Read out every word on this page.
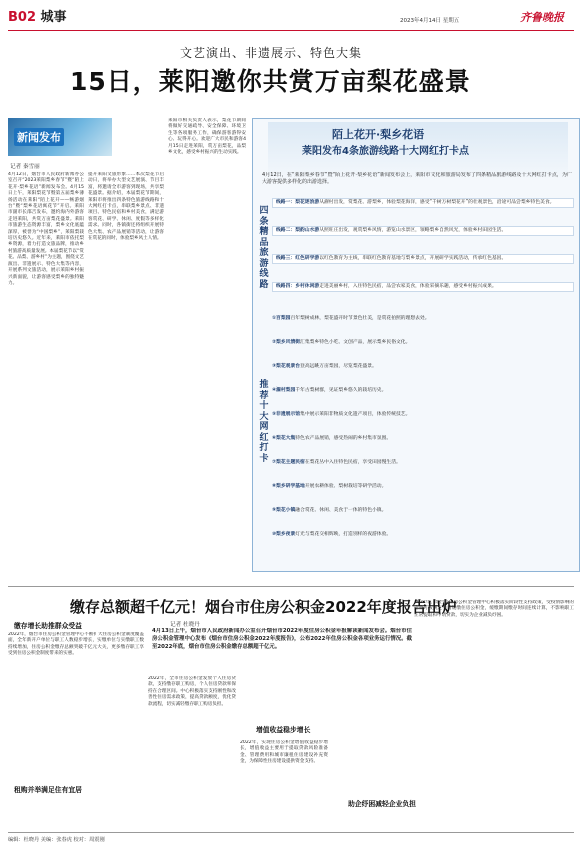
B02 城事	2023年4月14日 星期五	齐鲁晚报
文艺演出、非遗展示、特色大集
15日，莱阳邀你共赏万亩梨花盛景
新闻发布
记者 秦雪丽
4月12日，烟台市人民政府新闻办公室召开“2023莱阳梨乡春节”暨“陌上花开·梨乡花语”新闻发布会。4月15日上午，莱阳梨花节暨第五届梨乡薄扬活动在莱阳“陌上花开——畅游烟台”暨“梨乡花语寓花节”开启。莱阳市副市长邵吉发布，邀约海内外游客走进莱阳，共赏万亩梨花盛景。莱阳市旅游生态资源丰富，梨乡文化底蕴深厚，被誉为“中国梨乡”，莱阳梨栽培历史悠久。近年来，莱阳市依托梨乡资源，着力打造文旅品牌，推动乡村旅游高质量发展。本届梨花节以“赏花、品梨、游乡村”为主题，围绕文艺演出、非遗展示、特色大集等内容，开展系列文旅活动，展示莱阳乡村振兴新面貌，让游客感受梨乡的独特魅力。
提升莱阳文旅形象……本次梨花节启动日，将举办大型文艺展演、节目丰富，将邀请全市游客到现场，共享梨花盛景。据介绍，本届梨花节期间，莱阳市将推出四条特色旅游线路和十大网红打卡点，串联梨乡景点、非遗项目、特色民宿和乡村美食，满足游客赏花、研学、休闲、度假等多样化需求。同时，各镇街还将组织开展特色大集、农产品展销等活动，让游客在赏花的同时，体验梨乡风土人情。
莱阳市相关负责人表示，梨花节期间将做好交通疏导、安全保障、环境卫生等各项服务工作，确保游客游得安心、玩得开心。欢迎广大市民和游客4月15日走进莱阳，赏万亩梨花，品梨乡文化，感受乡村振兴的生动实践。
陌上花开·梨乡花语
莱阳发布4条旅游线路十大网红打卡点
4月12日，在“莱阳梨乡春节”暨“陌上花开·梨乡花语”新闻发布会上，莱阳市文化和旅游局发布了四条精品旅游线路及十大网红打卡点，为广大游客提供多样化的出游选择。
四条精品旅游线路
线路一：梨花逐浪游从濯村出发，赏梨花、游梨乡，体验梨花海洋，感受“千树万树梨花开”的壮观景色，沿途可品尝梨乡特色美食。
线路二：梨韵山水游从照旺庄出发，观赏梨乡风情，游览山水景区，领略梨乡自然风光，体验乡村田园生活。
线路三：红色研学游以红色教育为主线，串联红色教育基地与梨乡景点，开展研学实践活动，传承红色基因。
线路四：乡村休闲游走进美丽乡村，入住特色民宿，品尝农家美食，体验采摘乐趣，感受乡村振兴成果。
推荐十大网红打卡
①百梨园百年梨树成林，梨花盛开时节景色壮美，是赏花拍照的理想去处。
②梨乡风情街汇集梨乡特色小吃、文创产品，展示梨乡民俗文化。
③梨花观景台登高远眺万亩梨园，尽览梨花盛景。
④濯村梨园千年古梨树群，见证梨乡悠久的栽培历史。
⑤非遗展示馆集中展示莱阳非物质文化遗产项目，体验传统技艺。
⑥梨花大集特色农产品展销，感受热闹的乡村集市氛围。
⑦梨花主题民宿在梨花丛中入住特色民宿，享受田园慢生活。
⑧梨乡研学基地开展农耕体验、梨树栽培等研学活动。
⑨梨花小镇融合赏花、休闲、美食于一体的特色小镇。
⑩梨乡夜景灯光与梨花交相辉映，打造别样的夜游体验。
缴存总额超千亿元！烟台市住房公积金2022年度报告出炉
缴存增长助推群众受益
2022年，烟台市住房公积金管理中心不断扩大住房公积金制度覆盖面，全年新开户单位与职工人数稳步增长，实缴单位与实缴职工数持续增加，住房公积金缴存总额突破千亿元大关，更多缴存职工享受到住房公积金制度带来的实惠。
租购并举满足住有宜居
记者 杜晓丹
4月13日上午，烟台市人民政府新闻办公室召开烟台市2022年度住房公积金年报解读新闻发布会。烟台市住房公积金管理中心发布《烟台市住房公积金2022年度报告》，公布2022年住房公积金各项业务运行情况。截至2022年底，烟台市住房公积金缴存总额超千亿元。
2022年，全市住房公积金发放个人住房贷款，支持缴存职工购房，个人住房贷款率保持在合理区间。中心积极落实支持刚性和改善性住房需求政策，提高贷款额度，优化贷款流程，切实减轻缴存职工购房负担。
增值收益稳步增长
2022年，实现住房公积金增值收益稳步增长，增值收益主要用于提取贷款风险准备金、管理费用和城市廉租住房建设补充资金，为保障性住房建设提供资金支持。
助企纾困减轻企业负担
2022年，烟台市住房公积金管理中心积极落实阶段性支持政策，受疫情影响的企业可按规定申请缓缴住房公积金，缓缴期间缴存时间连续计算，不影响职工正常提取和申请贷款，切实为企业减负纾困。
编辑：杜晓丹 美编：张春虎 校对：周震刚
